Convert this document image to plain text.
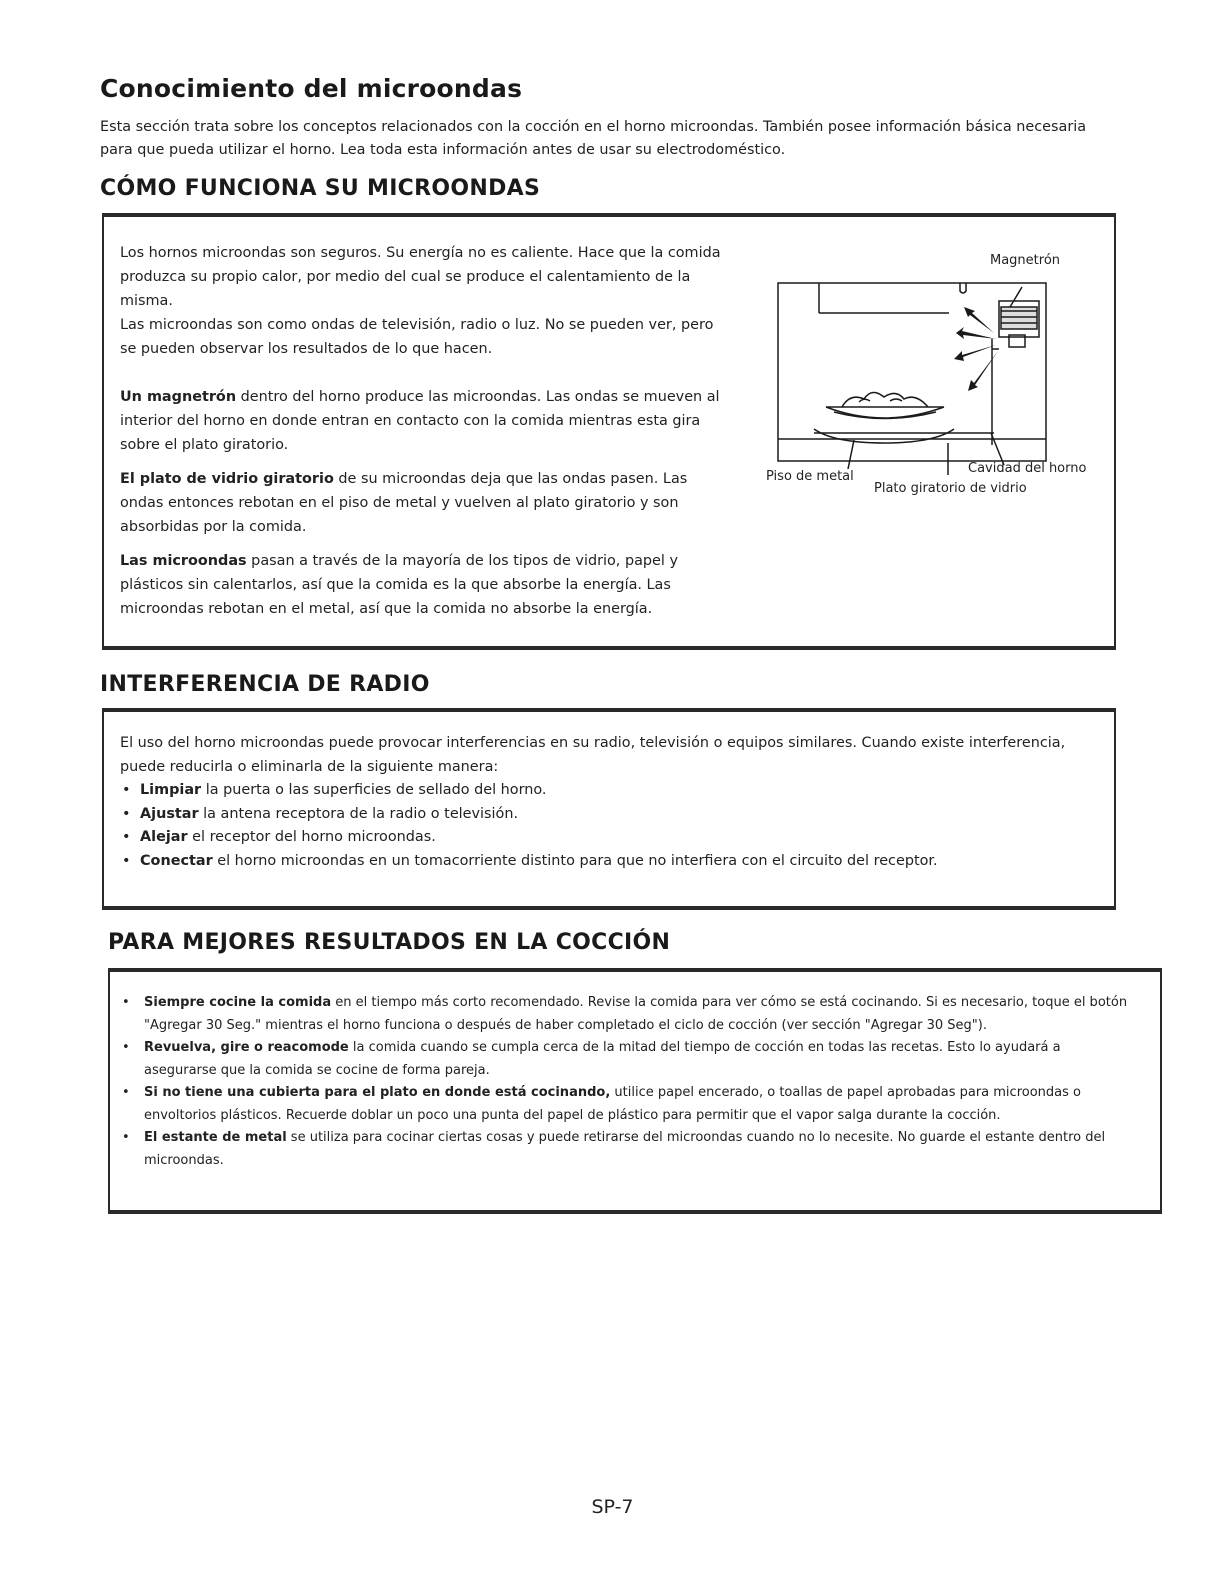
Conocimiento del microondas
Esta sección trata sobre los conceptos relacionados con la cocción en el horno microondas. También posee información básica necesaria para que pueda utilizar el horno. Lea toda esta información antes de usar su electrodoméstico.
CÓMO FUNCIONA SU MICROONDAS

Los hornos microondas son seguros. Su energía no es caliente. Hace que la comida produzca su propio calor, por medio del cual se produce el calentamiento de la misma.

Las microondas son como ondas de televisión, radio o luz. No se pueden ver, pero se pueden observar los resultados de lo que hacen.

Un magnetrón dentro del horno produce las microondas. Las ondas se mueven al interior del horno en donde entran en contacto con la comida mientras esta gira sobre el plato giratorio.

El plato de vidrio giratorio de su microondas deja que las ondas pasen. Las ondas entonces rebotan en el piso de metal y vuelven al plato giratorio y son absorbidas por la comida.

Las microondas pasan a través de la mayoría de los tipos de vidrio, papel y plásticos sin calentarlos, así que la comida es la que absorbe la energía. Las microondas rebotan en el metal, así que la comida no absorbe la energía.

Magnetrón
Piso de metal
Cavidad del horno
Plato giratorio de vidrio
INTERFERENCIA DE RADIO

El uso del horno microondas puede provocar interferencias en su radio, televisión o equipos similares. Cuando existe interferencia, puede reducirla o eliminarla de la siguiente manera:

• Limpiar la puerta o las superficies de sellado del horno.
• Ajustar la antena receptora de la radio o televisión.
• Alejar el receptor del horno microondas.
• Conectar el horno microondas en un tomacorriente distinto para que no interfiera con el circuito del receptor.
PARA MEJORES RESULTADOS EN LA COCCIÓN
• Siempre cocine la comida en el tiempo más corto recomendado. Revise la comida para ver cómo se está cocinando. Si es necesario, toque el botón "Agregar 30 Seg." mientras el horno funciona o después de haber completado el ciclo de cocción (ver sección "Agregar 30 Seg").
• Revuelva, gire o reacomode la comida cuando se cumpla cerca de la mitad del tiempo de cocción en todas las recetas. Esto lo ayudará a asegurarse que la comida se cocine de forma pareja.
• Si no tiene una cubierta para el plato en donde está cocinando, utilice papel encerado, o toallas de papel aprobadas para microondas o envoltorios plásticos. Recuerde doblar un poco una punta del papel de plástico para permitir que el vapor salga durante la cocción.
• El estante de metal se utiliza para cocinar ciertas cosas y puede retirarse del microondas cuando no lo necesite. No guarde el estante dentro del microondas.
SP-7
